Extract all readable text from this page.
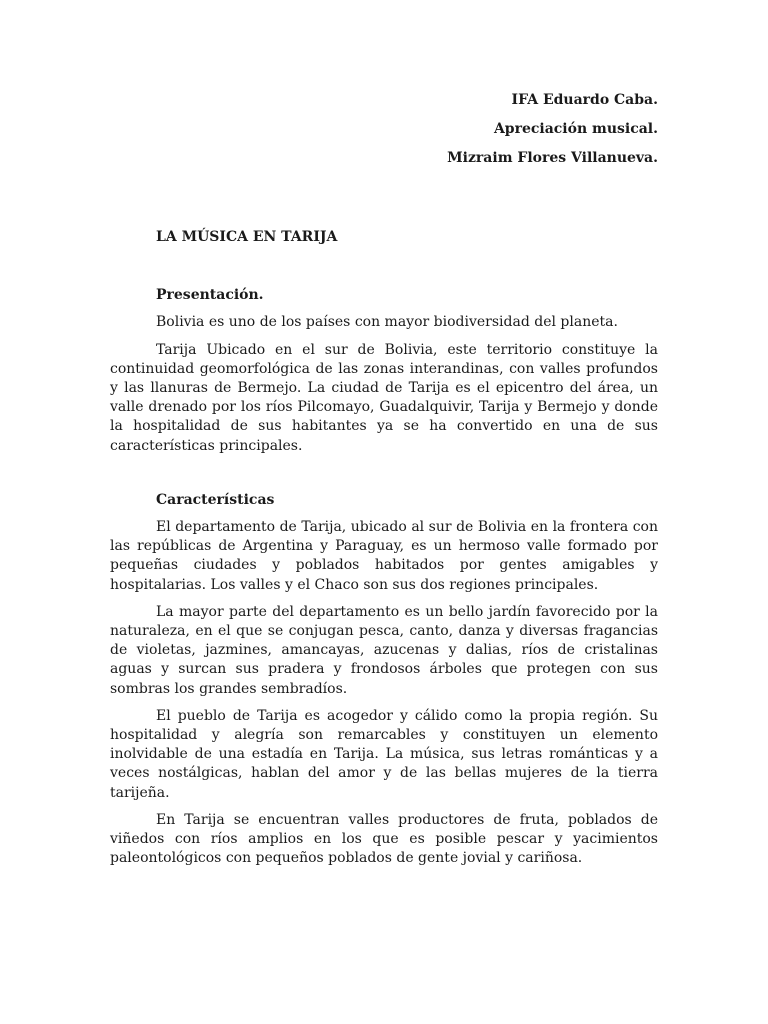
IFA Eduardo Caba.
Apreciación musical.
Mizraim Flores Villanueva.
LA MÚSICA EN TARIJA
Presentación.

Bolivia es uno de los países con mayor biodiversidad del planeta.

Tarija Ubicado en el sur de Bolivia, este territorio constituye la continuidad geomorfológica de las zonas interandinas, con valles profundos y las llanuras de Bermejo. La ciudad de Tarija es el epicentro del área, un valle drenado por los ríos Pilcomayo, Guadalquivir, Tarija y Bermejo y donde la hospitalidad de sus habitantes ya se ha convertido en una de sus características principales.

Características

El departamento de Tarija, ubicado al sur de Bolivia en la frontera con las repúblicas de Argentina y Paraguay, es un hermoso valle formado por pequeñas ciudades y poblados habitados por gentes amigables y hospitalarias. Los valles y el Chaco son sus dos regiones principales.

La mayor parte del departamento es un bello jardín favorecido por la naturaleza, en el que se conjugan pesca, canto, danza y diversas fragancias de violetas, jazmines, amancayas, azucenas y dalias, ríos de cristalinas aguas y surcan sus pradera y frondosos árboles que protegen con sus sombras los grandes sembradíos.

El pueblo de Tarija es acogedor y cálido como la propia región. Su hospitalidad y alegría son remarcables y constituyen un elemento inolvidable de una estadía en Tarija. La música, sus letras románticas y a veces nostálgicas, hablan del amor y de las bellas mujeres de la tierra tarijeña.

En Tarija se encuentran valles productores de fruta, poblados de viñedos con ríos amplios en los que es posible pescar y yacimientos paleontológicos con pequeños poblados de gente jovial y cariñosa.
